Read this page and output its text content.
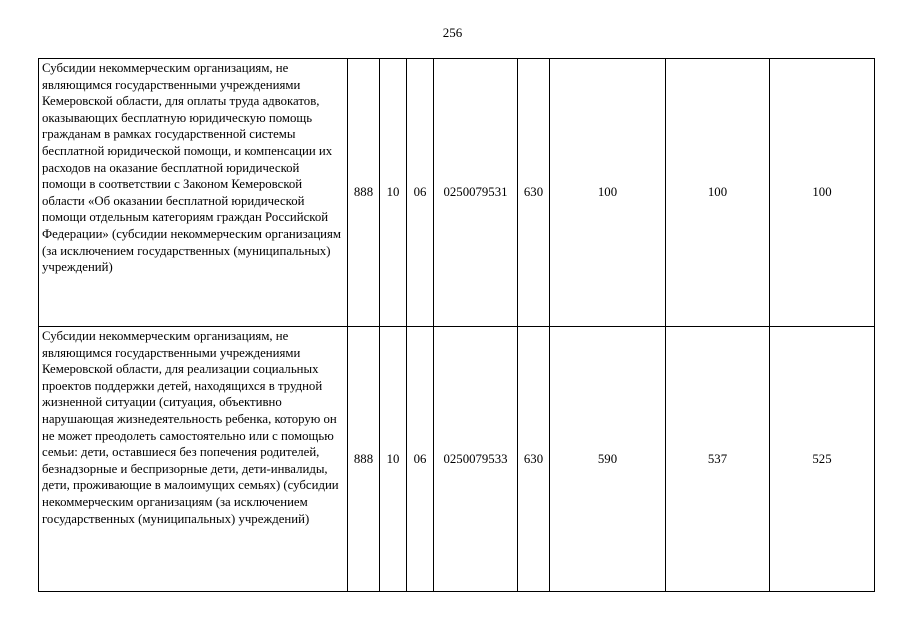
256
Субсидии некоммерческим организациям, не являющимся государственными учреждениями Кемеровской области, для оплаты труда адвокатов, оказывающих бесплатную юридическую помощь гражданам в рамках государственной системы бесплатной юридической помощи, и компенсации их расходов на оказание бесплатной юридической помощи в соответствии с Законом Кемеровской области «Об оказании бесплатной юридической помощи отдельным категориям граждан Российской Федерации» (субсидии некоммерческим организациям (за исключением государственных (муниципальных) учреждений)	888	10	06	0250079531	630	100	100	100
Субсидии некоммерческим организациям, не являющимся государственными учреждениями Кемеровской области, для реализации социальных проектов поддержки детей, находящихся в трудной жизненной ситуации (ситуация, объективно нарушающая жизнедеятельность ребенка, которую он не может преодолеть самостоятельно или с помощью семьи: дети, оставшиеся без попечения родителей, безнадзорные и беспризорные дети, дети-инвалиды, дети, проживающие в малоимущих семьях) (субсидии некоммерческим организациям (за исключением государственных (муниципальных) учреждений)	888	10	06	0250079533	630	590	537	525
